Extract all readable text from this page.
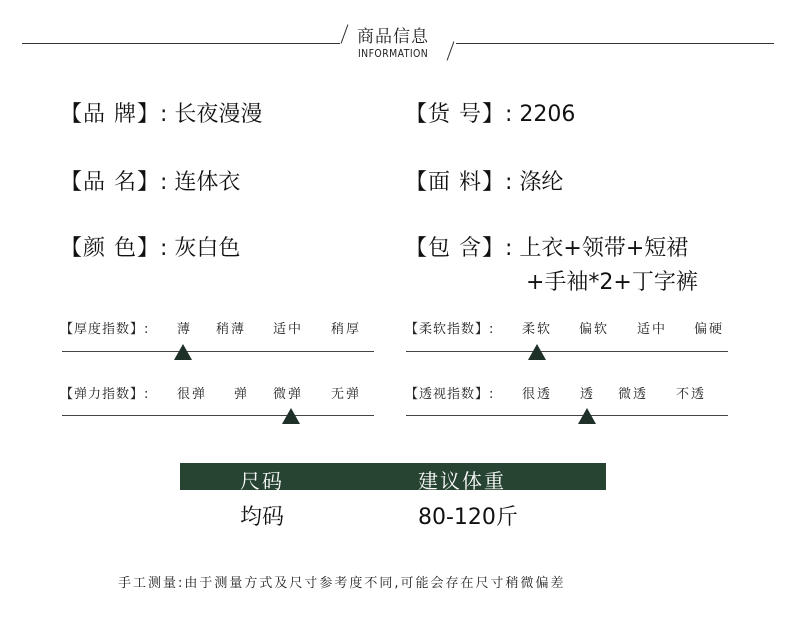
商品信息
INFORMATION
【品 牌】: 长夜漫漫	【货 号】: 2206
【品 名】: 连体衣	【面 料】: 涤纶
【颜 色】: 灰白色	【包 含】: 上衣+领带+短裙
+手袖*2+丁字裤
【厚度指数】: 薄 稍薄 适中 稍厚	【柔软指数】: 柔软 偏软 适中 偏硬
【弹力指数】: 很弹 弹 微弹 无弹	【透视指数】: 很透 透 微透 不透
尺码	建议体重
均码	80-120斤
手工测量:由于测量方式及尺寸参考度不同,可能会存在尺寸稍微偏差
